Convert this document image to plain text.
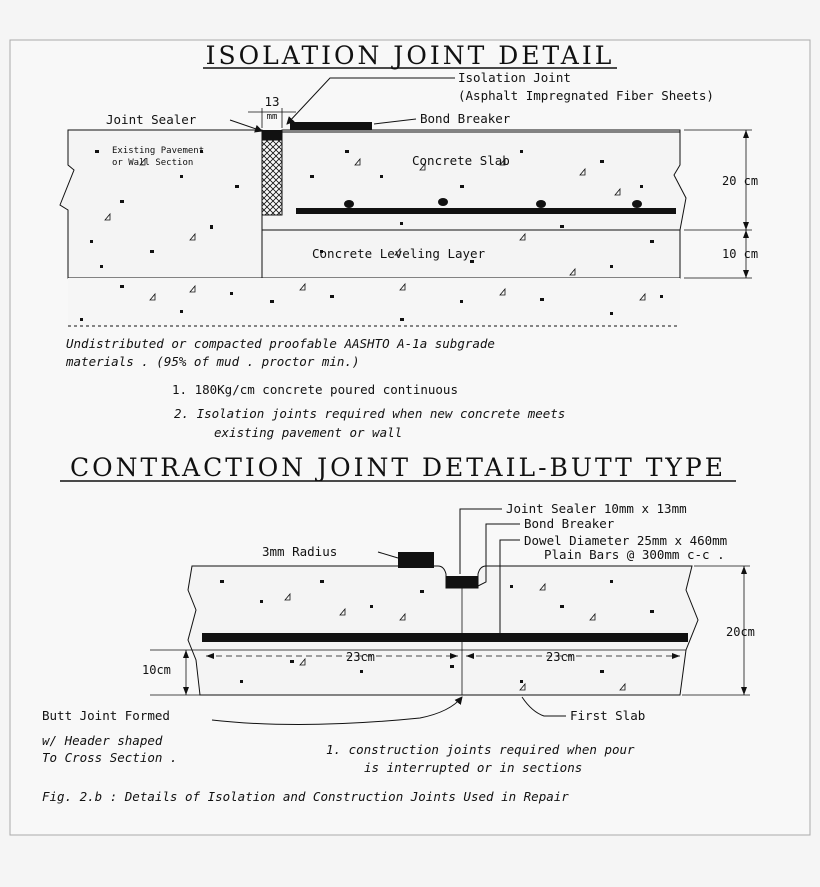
ISOLATION JOINT DETAIL
Isolation Joint
(Asphalt Impregnated Fiber Sheets)
Joint Sealer
13
mm	Bond Breaker
Existing Pavement
or Wall Section	Concrete Slab
Concrete Leveling Layer
20 cm
10 cm
Undistributed or compacted proofable AASHTO A-1a subgrade
materials . (95% of mud . proctor min.)
1. 180Kg/cm concrete poured continuous
2. Isolation joints required when new concrete meets
existing pavement or wall
CONTRACTION JOINT DETAIL-BUTT TYPE
Joint Sealer 10mm x 13mm
Bond Breaker
Dowel Diameter 25mm x 460mm
Plain Bars @ 300mm c-c .
3mm Radius
20cm
10cm
23cm	23cm
Butt Joint Formed
w/ Header shaped
To Cross Section .
First Slab
1. construction joints required when pour
is interrupted or in sections
Fig. 2.b : Details of Isolation and Construction Joints Used in Repair
